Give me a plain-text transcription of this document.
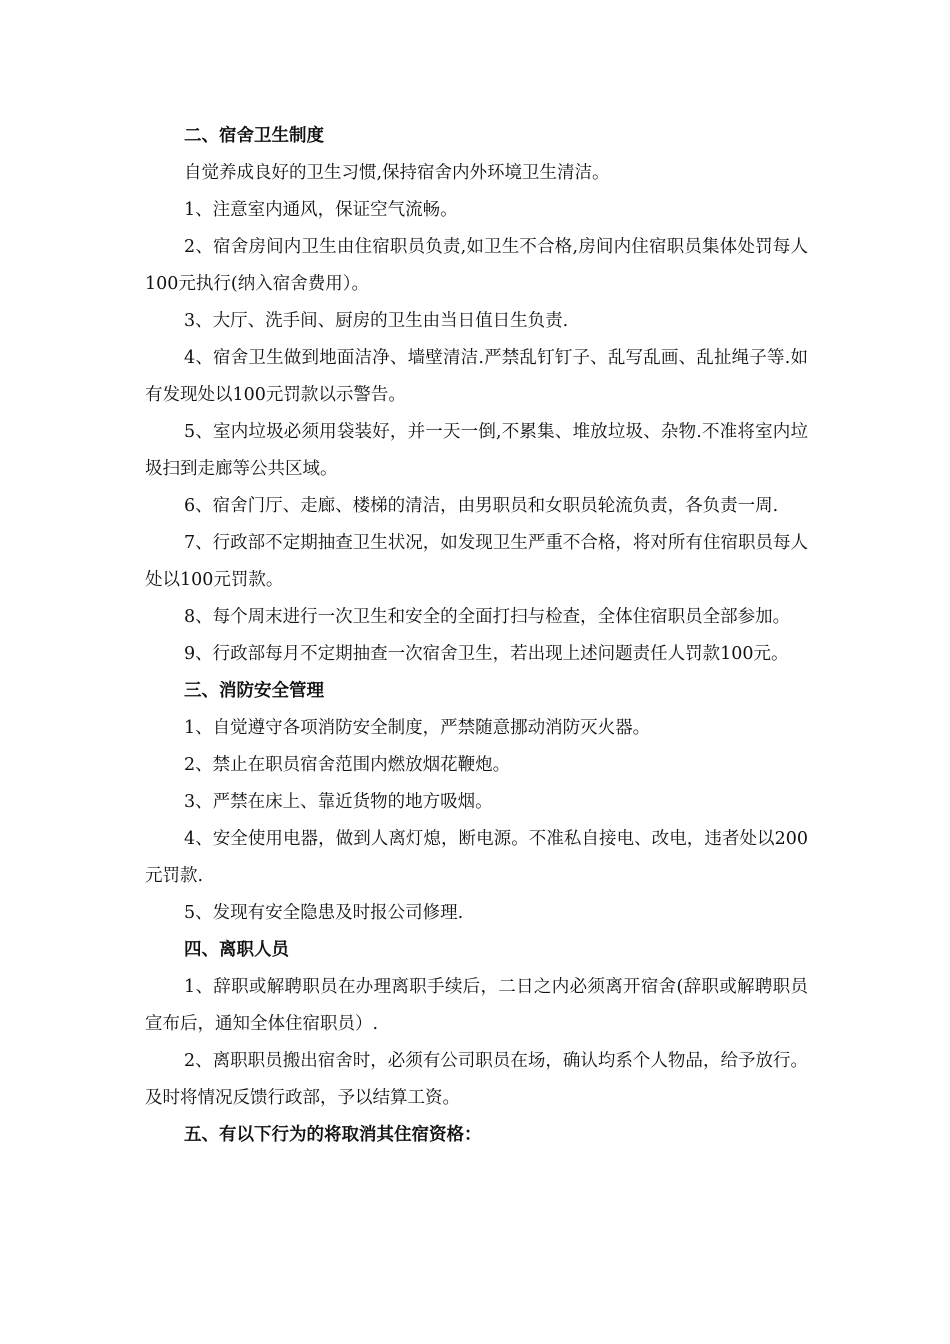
二、宿舍卫生制度

自觉养成良好的卫生习惯,保持宿舍内外环境卫生清洁。

1、注意室内通风，保证空气流畅。

2、宿舍房间内卫生由住宿职员负责,如卫生不合格,房间内住宿职员集体处罚每人100元执行(纳入宿舍费用）。

3、大厅、洗手间、厨房的卫生由当日值日生负责.

4、宿舍卫生做到地面洁净、墙壁清洁.严禁乱钉钉子、乱写乱画、乱扯绳子等.如有发现处以100元罚款以示警告。

5、室内垃圾必须用袋装好，并一天一倒,不累集、堆放垃圾、杂物.不准将室内垃圾扫到走廊等公共区域。

6、宿舍门厅、走廊、楼梯的清洁，由男职员和女职员轮流负责，各负责一周.

7、行政部不定期抽查卫生状况，如发现卫生严重不合格，将对所有住宿职员每人处以100元罚款。

8、每个周末进行一次卫生和安全的全面打扫与检查，全体住宿职员全部参加。

9、行政部每月不定期抽查一次宿舍卫生，若出现上述问题责任人罚款100元。

三、消防安全管理

1、自觉遵守各项消防安全制度，严禁随意挪动消防灭火器。

2、禁止在职员宿舍范围内燃放烟花鞭炮。

3、严禁在床上、靠近货物的地方吸烟。

4、安全使用电器，做到人离灯熄，断电源。不准私自接电、改电，违者处以200元罚款.

5、发现有安全隐患及时报公司修理.

四、离职人员

1、辞职或解聘职员在办理离职手续后，二日之内必须离开宿舍(辞职或解聘职员宣布后，通知全体住宿职员）.

2、离职职员搬出宿舍时，必须有公司职员在场，确认均系个人物品，给予放行。及时将情况反馈行政部，予以结算工资。

五、有以下行为的将取消其住宿资格：
